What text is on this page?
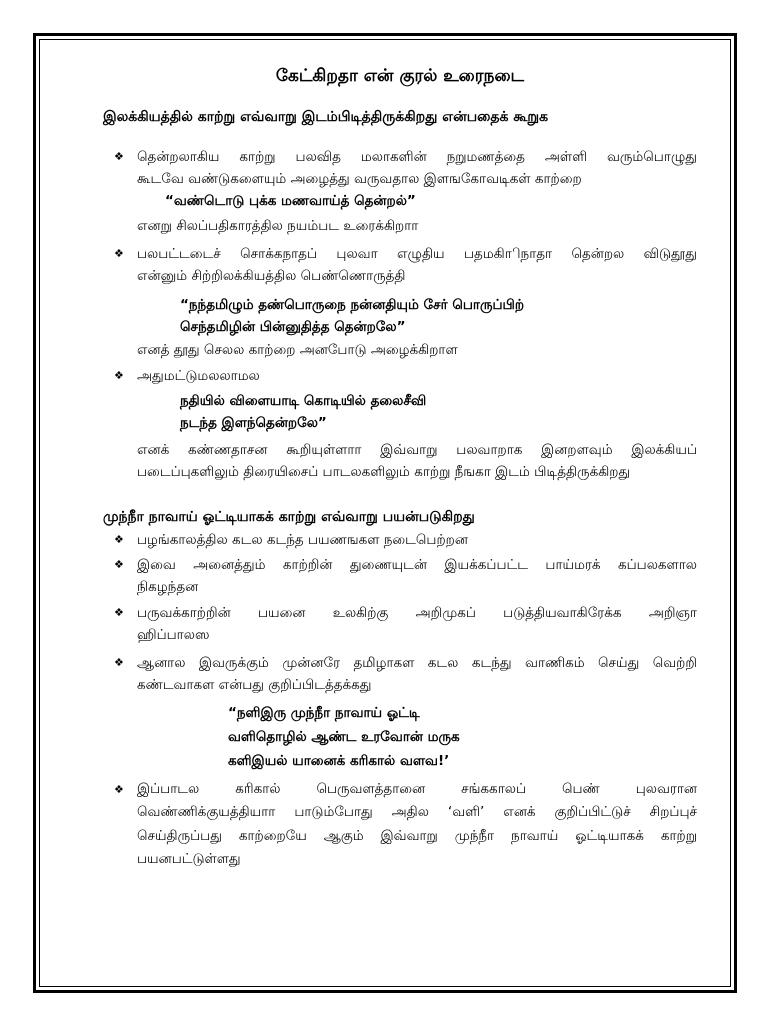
கேட்கிறதா என் குரல் உரைநடை
இலக்கியத்தில் காற்று எவ்வாறு இடம்பிடித்திருக்கிறது என்பதைக் கூறுக
❖
தென்றலாகிய காற்று பலவித மலாகளின் நறுமணத்தை அள்ளி வரும்பொழுது
கூடவே வண்டுகளையும் அழைத்து வருவதால இளஙகோவடிகள் காற்றை
“வண்டொடு புக்க மணவாய்த் தென்றல்”
எனறு சிலப்பதிகாரத்தில நயம்பட உரைக்கிறாா
❖
பலபட்டடைச் சொக்கநாதப் புலவா எழுதிய பதமகிாிநாதா தென்றல விடுதூது
என்னும் சிற்றிலக்கியத்தில பெண்ணொருத்தி
“நந்தமிழும் தண்பொருநை நன்னதியும் சேர் பொருப்பிற்
செந்தமிழின் பின்னுதித்த தென்றலே”
எனத் தூது செலல காற்றை அனபோடு அழைக்கிறாள
❖
அதுமட்டுமலலாமல
நதியில் விளையாடி கொடியில் தலைசீவி
நடந்த இளந்தென்றலே”
எனக் கண்ணதாசன கூறியுள்ளாா இவ்வாறு பலவாறாக இனறளவும் இலக்கியப்
படைப்புகளிலும் திரையிசைப் பாடலகளிலும் காற்று நீஙகா இடம் பிடித்திருக்கிறது
முந்நீா நாவாய் ஓட்டியாகக் காற்று எவ்வாறு பயன்படுகிறது
❖
பழங்காலத்தில கடல கடந்த பயணஙகள நடைபெற்றன
❖
இவை அனைத்தும் காற்றின் துணையுடன் இயக்கப்பட்ட பாய்மரக் கப்பலகளால
நிகழந்தன
❖
பருவக்காற்றின் பயனை உலகிற்கு அறிமுகப் படுத்தியவாகிரேக்க அறிஞா
ஹிப்பாலஸ
❖
ஆனால இவருக்கும் முன்னரே தமிழாகள கடல கடந்து வாணிகம் செய்து வெற்றி
கண்டவாகள என்பது குறிப்பிடத்தக்கது
“நளிஇரு முந்நீா நாவாய் ஓட்டி
வளிதொழில் ஆண்ட உரவோன் மருக
களிஇயல் யானைக் கரிகால் வளவ!’
❖
இப்பாடல கரிகால் பெருவளத்தானை சங்ககாலப் பெண் புலவரான
வெண்ணிக்குயத்தியாா பாடும்போது அதில ‘வளி’ எனக் குறிப்பிட்டுச் சிறப்புச்
செய்திருப்பது காற்றையே ஆகும் இவ்வாறு முந்நீா நாவாய் ஓட்டியாகக் காற்று
பயனபட்டுள்ளது
